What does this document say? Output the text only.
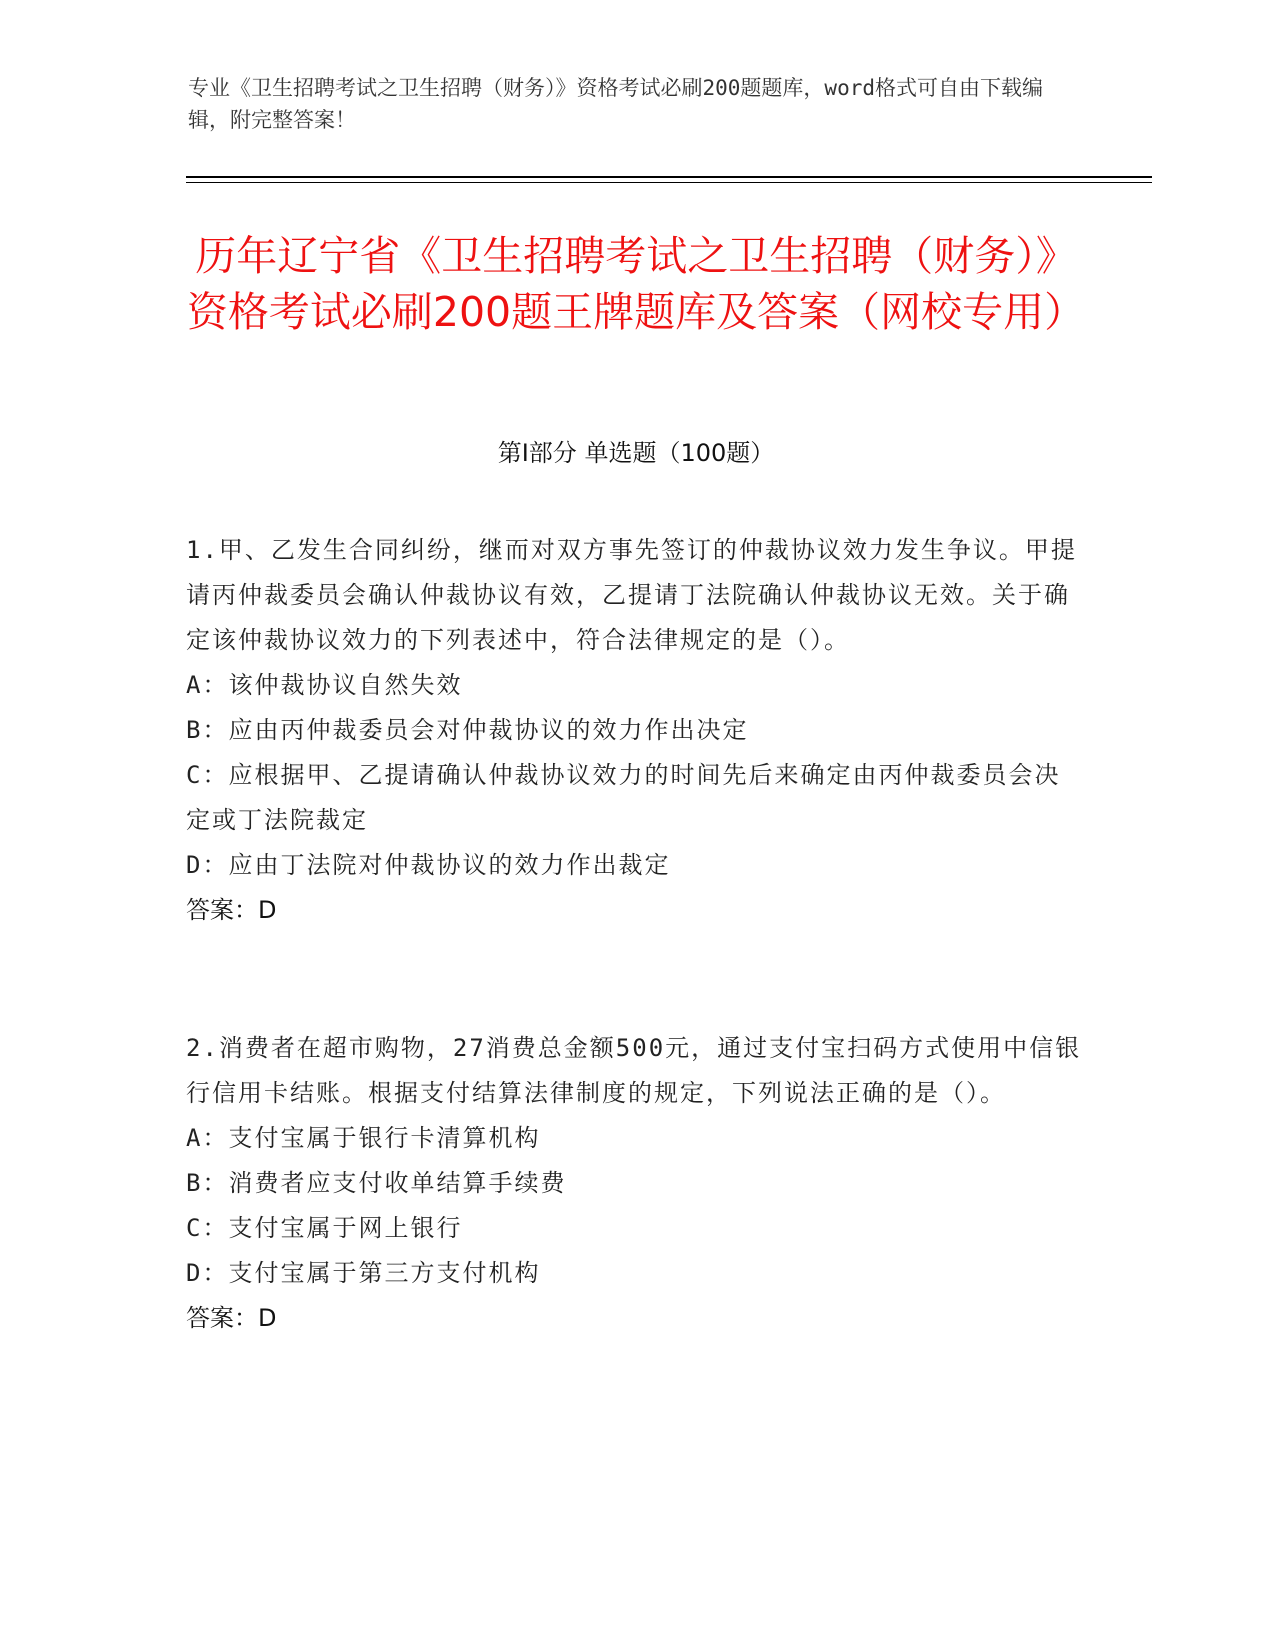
专业《卫生招聘考试之卫生招聘（财务）》资格考试必刷200题题库，word格式可自由下载编辑，附完整答案！
历年辽宁省《卫生招聘考试之卫生招聘（财务）》资格考试必刷200题王牌题库及答案（网校专用）
第I部分 单选题（100题）
1.甲、乙发生合同纠纷，继而对双方事先签订的仲裁协议效力发生争议。甲提请丙仲裁委员会确认仲裁协议有效，乙提请丁法院确认仲裁协议无效。关于确定该仲裁协议效力的下列表述中，符合法律规定的是（）。
A：该仲裁协议自然失效
B：应由丙仲裁委员会对仲裁协议的效力作出决定
C：应根据甲、乙提请确认仲裁协议效力的时间先后来确定由丙仲裁委员会决定或丁法院裁定
D：应由丁法院对仲裁协议的效力作出裁定
答案：D
2.消费者在超市购物，27消费总金额500元，通过支付宝扫码方式使用中信银行信用卡结账。根据支付结算法律制度的规定，下列说法正确的是（）。
A：支付宝属于银行卡清算机构
B：消费者应支付收单结算手续费
C：支付宝属于网上银行
D：支付宝属于第三方支付机构
答案：D
